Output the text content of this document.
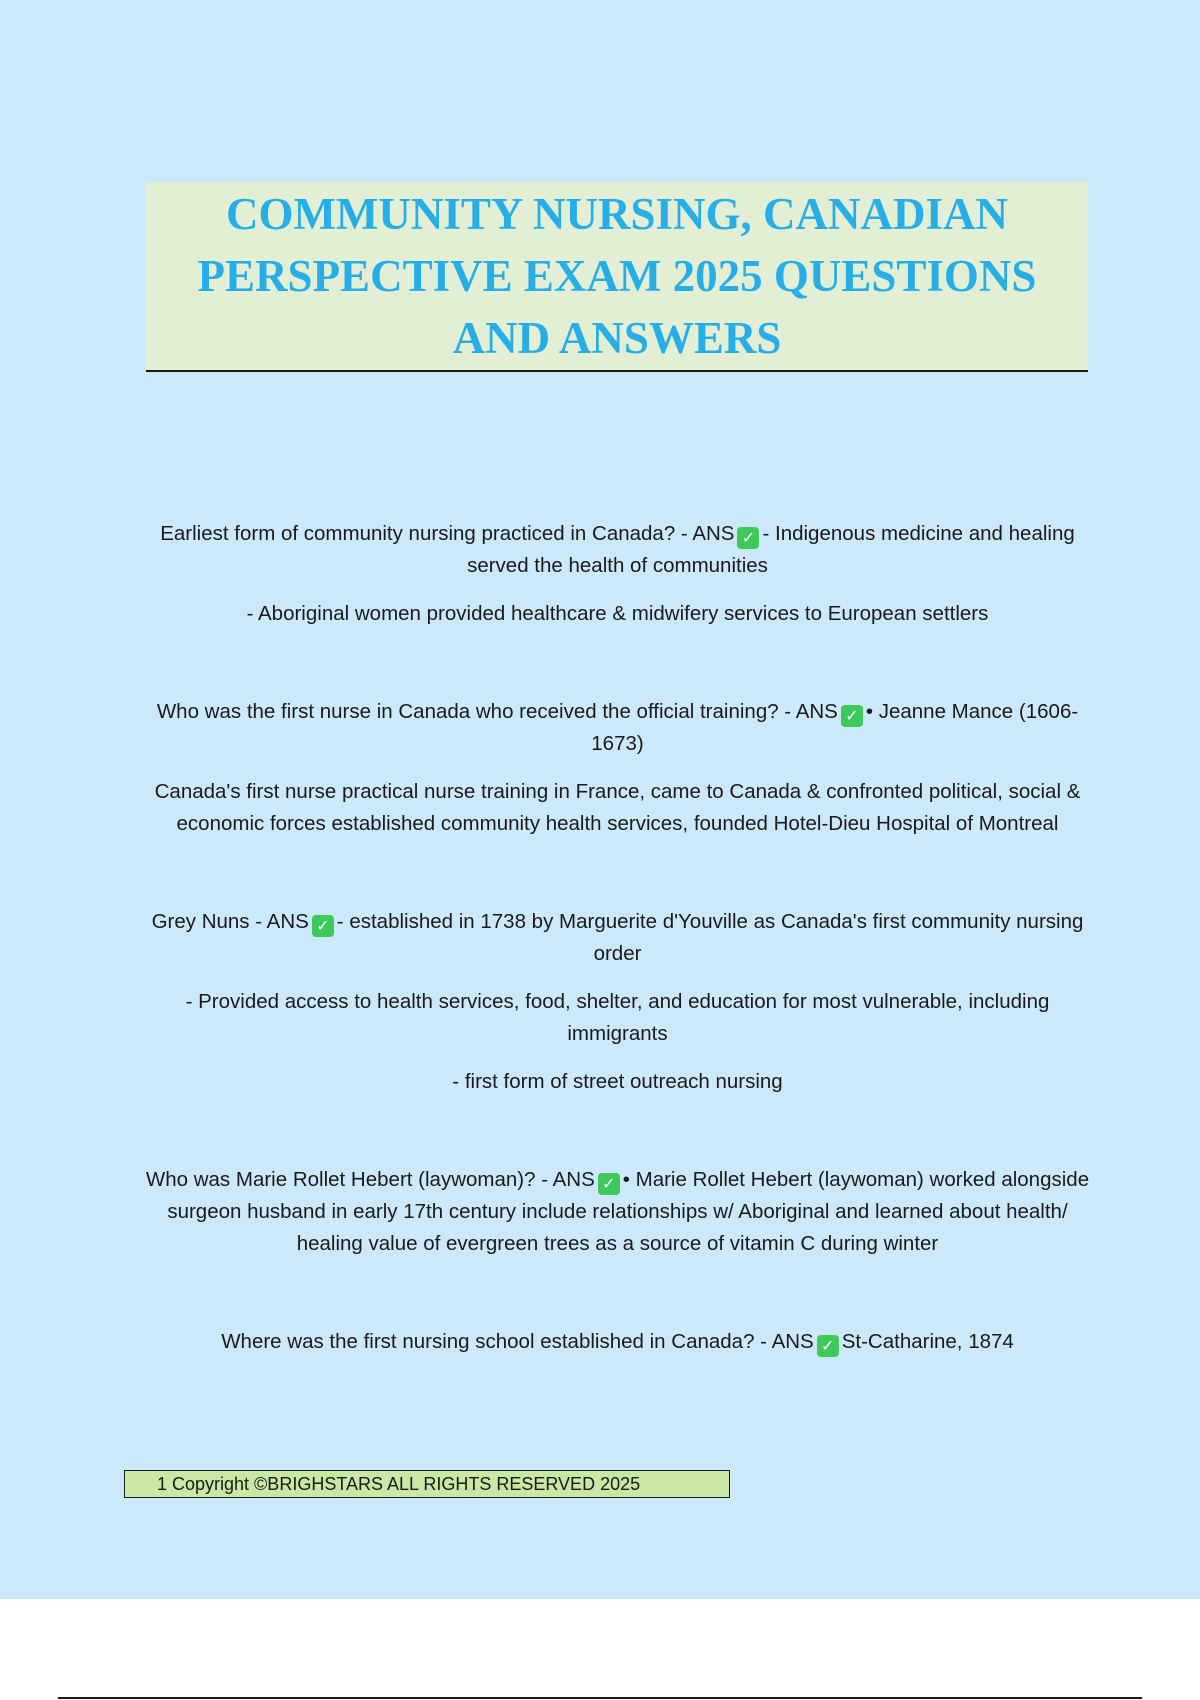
COMMUNITY NURSING, CANADIAN
PERSPECTIVE EXAM 2025 QUESTIONS
AND ANSWERS

Earliest form of community nursing practiced in Canada? - ANS ✓ - Indigenous medicine and healing served the health of communities

- Aboriginal women provided healthcare & midwifery services to European settlers

Who was the first nurse in Canada who received the official training? - ANS ✓ • Jeanne Mance (1606-1673)

Canada's first nurse practical nurse training in France, came to Canada & confronted political, social & economic forces established community health services, founded Hotel-Dieu Hospital of Montreal

Grey Nuns - ANS ✓ - established in 1738 by Marguerite d'Youville as Canada's first community nursing order

- Provided access to health services, food, shelter, and education for most vulnerable, including immigrants

- first form of street outreach nursing

Who was Marie Rollet Hebert (laywoman)? - ANS ✓ • Marie Rollet Hebert (laywoman) worked alongside surgeon husband in early 17th century include relationships w/ Aboriginal and learned about health/ healing value of evergreen trees as a source of vitamin C during winter

Where was the first nursing school established in Canada? - ANS ✓ St-Catharine, 1874

1 Copyright ©BRIGHSTARS ALL RIGHTS RESERVED 2025
